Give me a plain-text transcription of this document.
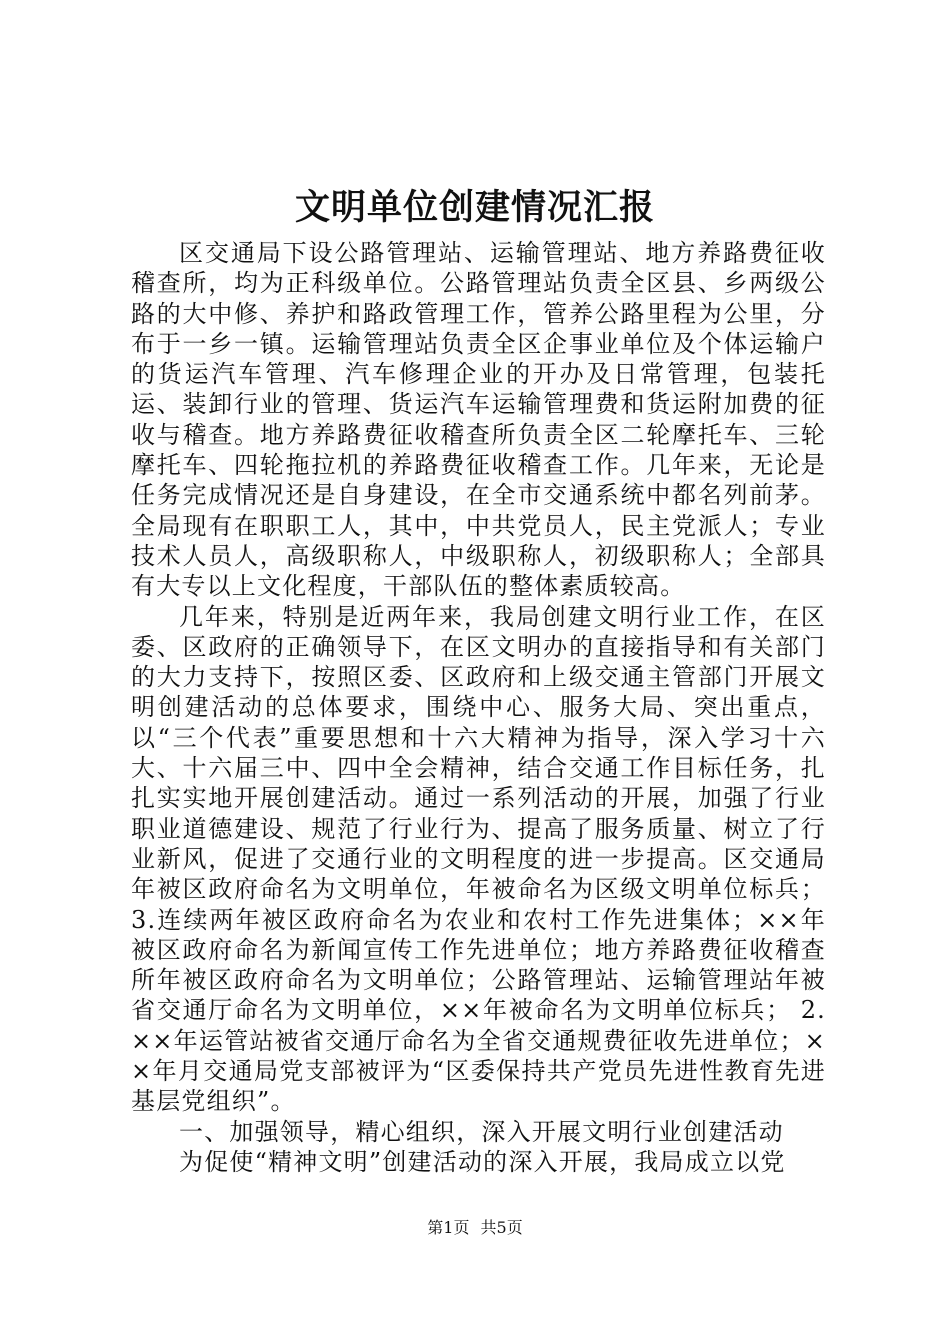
文明单位创建情况汇报

区交通局下设公路管理站、运输管理站、地方养路费征收稽查所，均为正科级单位。公路管理站负责全区县、乡两级公路的大中修、养护和路政管理工作，管养公路里程为公里，分布于一乡一镇。运输管理站负责全区企事业单位及个体运输户的货运汽车管理、汽车修理企业的开办及日常管理，包装托运、装卸行业的管理、货运汽车运输管理费和货运附加费的征收与稽查。地方养路费征收稽查所负责全区二轮摩托车、三轮摩托车、四轮拖拉机的养路费征收稽查工作。几年来，无论是任务完成情况还是自身建设，在全市交通系统中都名列前茅。全局现有在职职工人，其中，中共党员人，民主党派人；专业技术人员人，高级职称人，中级职称人，初级职称人；全部具有大专以上文化程度，干部队伍的整体素质较高。

几年来，特别是近两年来，我局创建文明行业工作，在区委、区政府的正确领导下，在区文明办的直接指导和有关部门的大力支持下，按照区委、区政府和上级交通主管部门开展文明创建活动的总体要求，围绕中心、服务大局、突出重点，以“三个代表”重要思想和十六大精神为指导，深入学习十六大、十六届三中、四中全会精神，结合交通工作目标任务，扎扎实实地开展创建活动。通过一系列活动的开展，加强了行业职业道德建设、规范了行业行为、提高了服务质量、树立了行业新风，促进了交通行业的文明程度的进一步提高。区交通局年被区政府命名为文明单位，年被命名为区级文明单位标兵； 3.连续两年被区政府命名为农业和农村工作先进集体；××年被区政府命名为新闻宣传工作先进单位；地方养路费征收稽查所年被区政府命名为文明单位；公路管理站、运输管理站年被省交通厅命名为文明单位，××年被命名为文明单位标兵； 2.××年运管站被省交通厅命名为全省交通规费征收先进单位；××年月交通局党支部被评为“区委保持共产党员先进性教育先进基层党组织”。

一、加强领导，精心组织，深入开展文明行业创建活动

为促使“精神文明”创建活动的深入开展，我局成立以党

第1页 共5页
